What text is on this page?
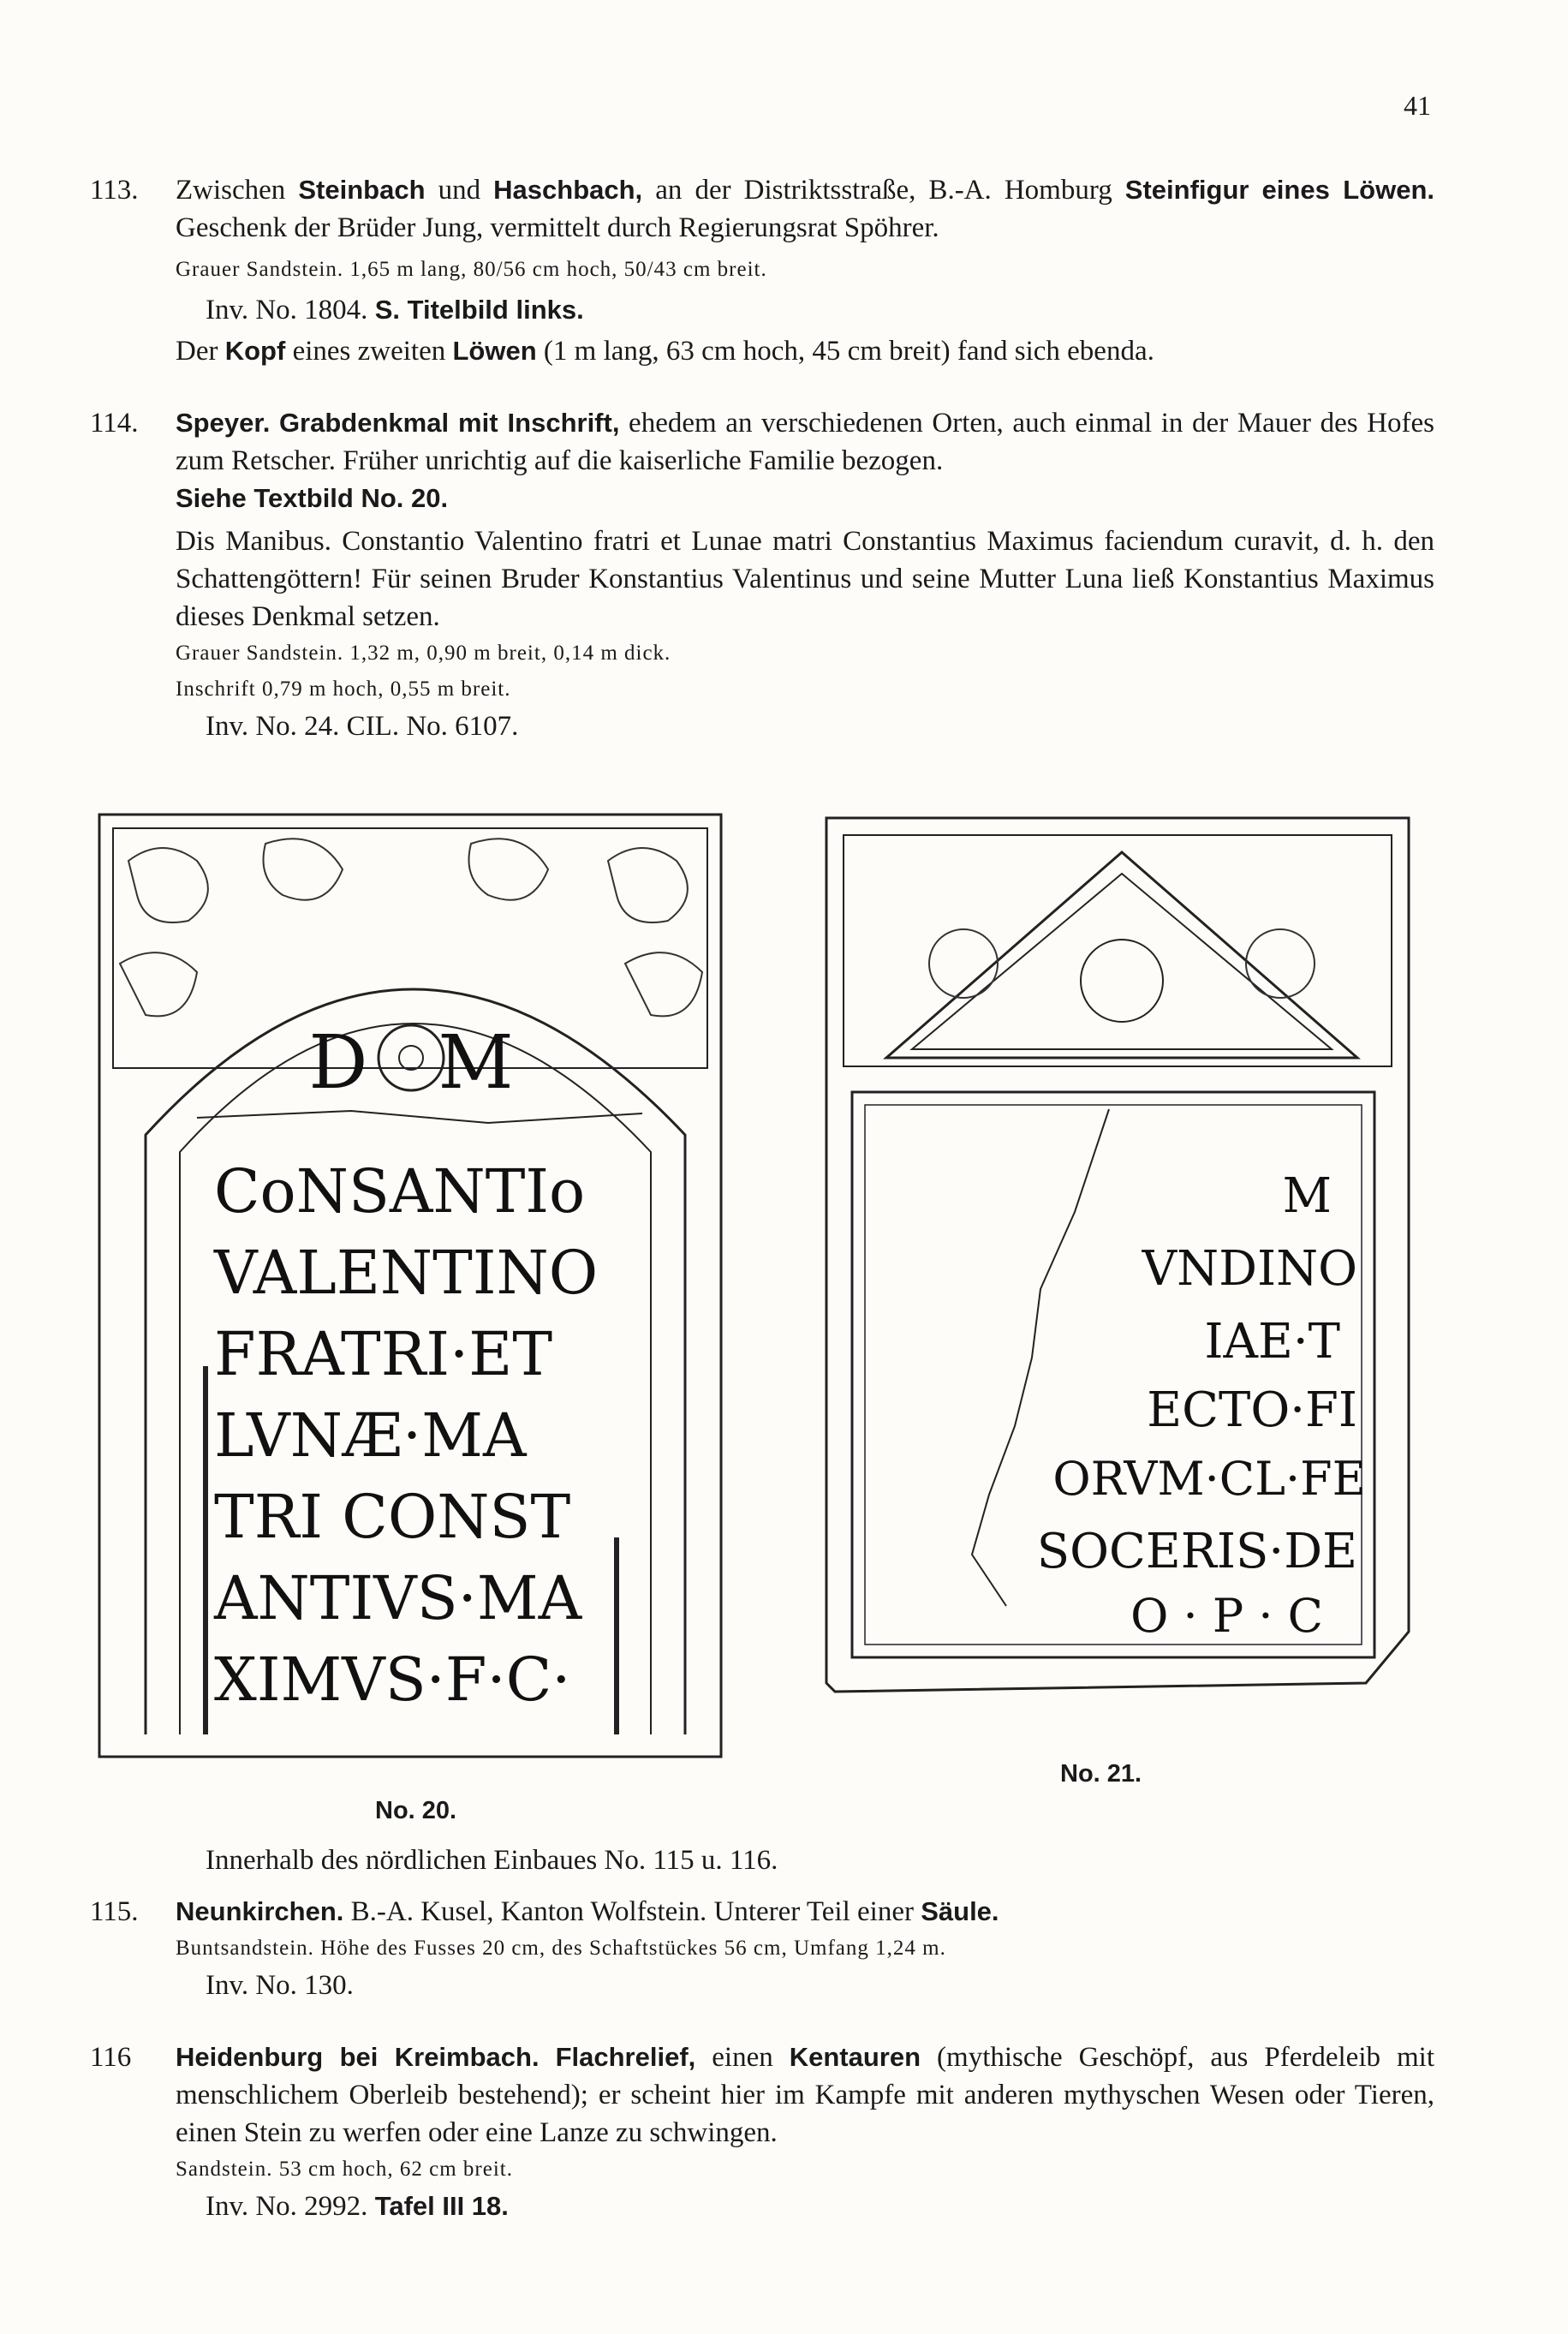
41
113.	Zwischen Steinbach und Haschbach, an der Distriktsstraße, B.-A. Homburg Steinfigur eines Löwen. Geschenk der Brüder Jung, vermittelt durch Regierungsrat Spöhrer.
Grauer Sandstein. 1,65 m lang, 80/56 cm hoch, 50/43 cm breit.
Inv. No. 1804. S. Titelbild links.
Der Kopf eines zweiten Löwen (1 m lang, 63 cm hoch, 45 cm breit) fand sich ebenda.
114.	Speyer. Grabdenkmal mit Inschrift, ehedem an verschiedenen Orten, auch einmal in der Mauer des Hofes zum Retscher. Früher unrichtig auf die kaiserliche Familie bezogen.
Siehe Textbild No. 20.
Dis Manibus. Constantio Valentino fratri et Lunae matri Constantius Maximus faciendum curavit, d. h. den Schattengöttern! Für seinen Bruder Konstantius Valentinus und seine Mutter Luna ließ Konstantius Maximus dieses Denkmal setzen.
Grauer Sandstein. 1,32 m, 0,90 m breit, 0,14 m dick.
Inschrift 0,79 m hoch, 0,55 m breit.
Inv. No. 24. CIL. No. 6107.
D   M
CoNSANTIo
VALENTINO
FRATRI·ET
LVNÆ·MA
TRI CONST
ANTIVS·MA
XIMVS·F·C·
No. 20.
M
VNDINO
IAE·T
ECTO·FI
ORVM·CL·FE
SOCERIS·DE
O · P · C
No. 21.
Innerhalb des nördlichen Einbaues No. 115 u. 116.
115.	Neunkirchen. B.-A. Kusel, Kanton Wolfstein. Unterer Teil einer Säule.
Buntsandstein. Höhe des Fusses 20 cm, des Schaftstückes 56 cm, Umfang 1,24 m.
Inv. No. 130.
116	Heidenburg bei Kreimbach. Flachrelief, einen Kentauren (mythische Geschöpf, aus Pferdeleib mit menschlichem Oberleib bestehend); er scheint hier im Kampfe mit anderen mythyschen Wesen oder Tieren, einen Stein zu werfen oder eine Lanze zu schwingen.
Sandstein. 53 cm hoch, 62 cm breit.
Inv. No. 2992. Tafel III 18.
